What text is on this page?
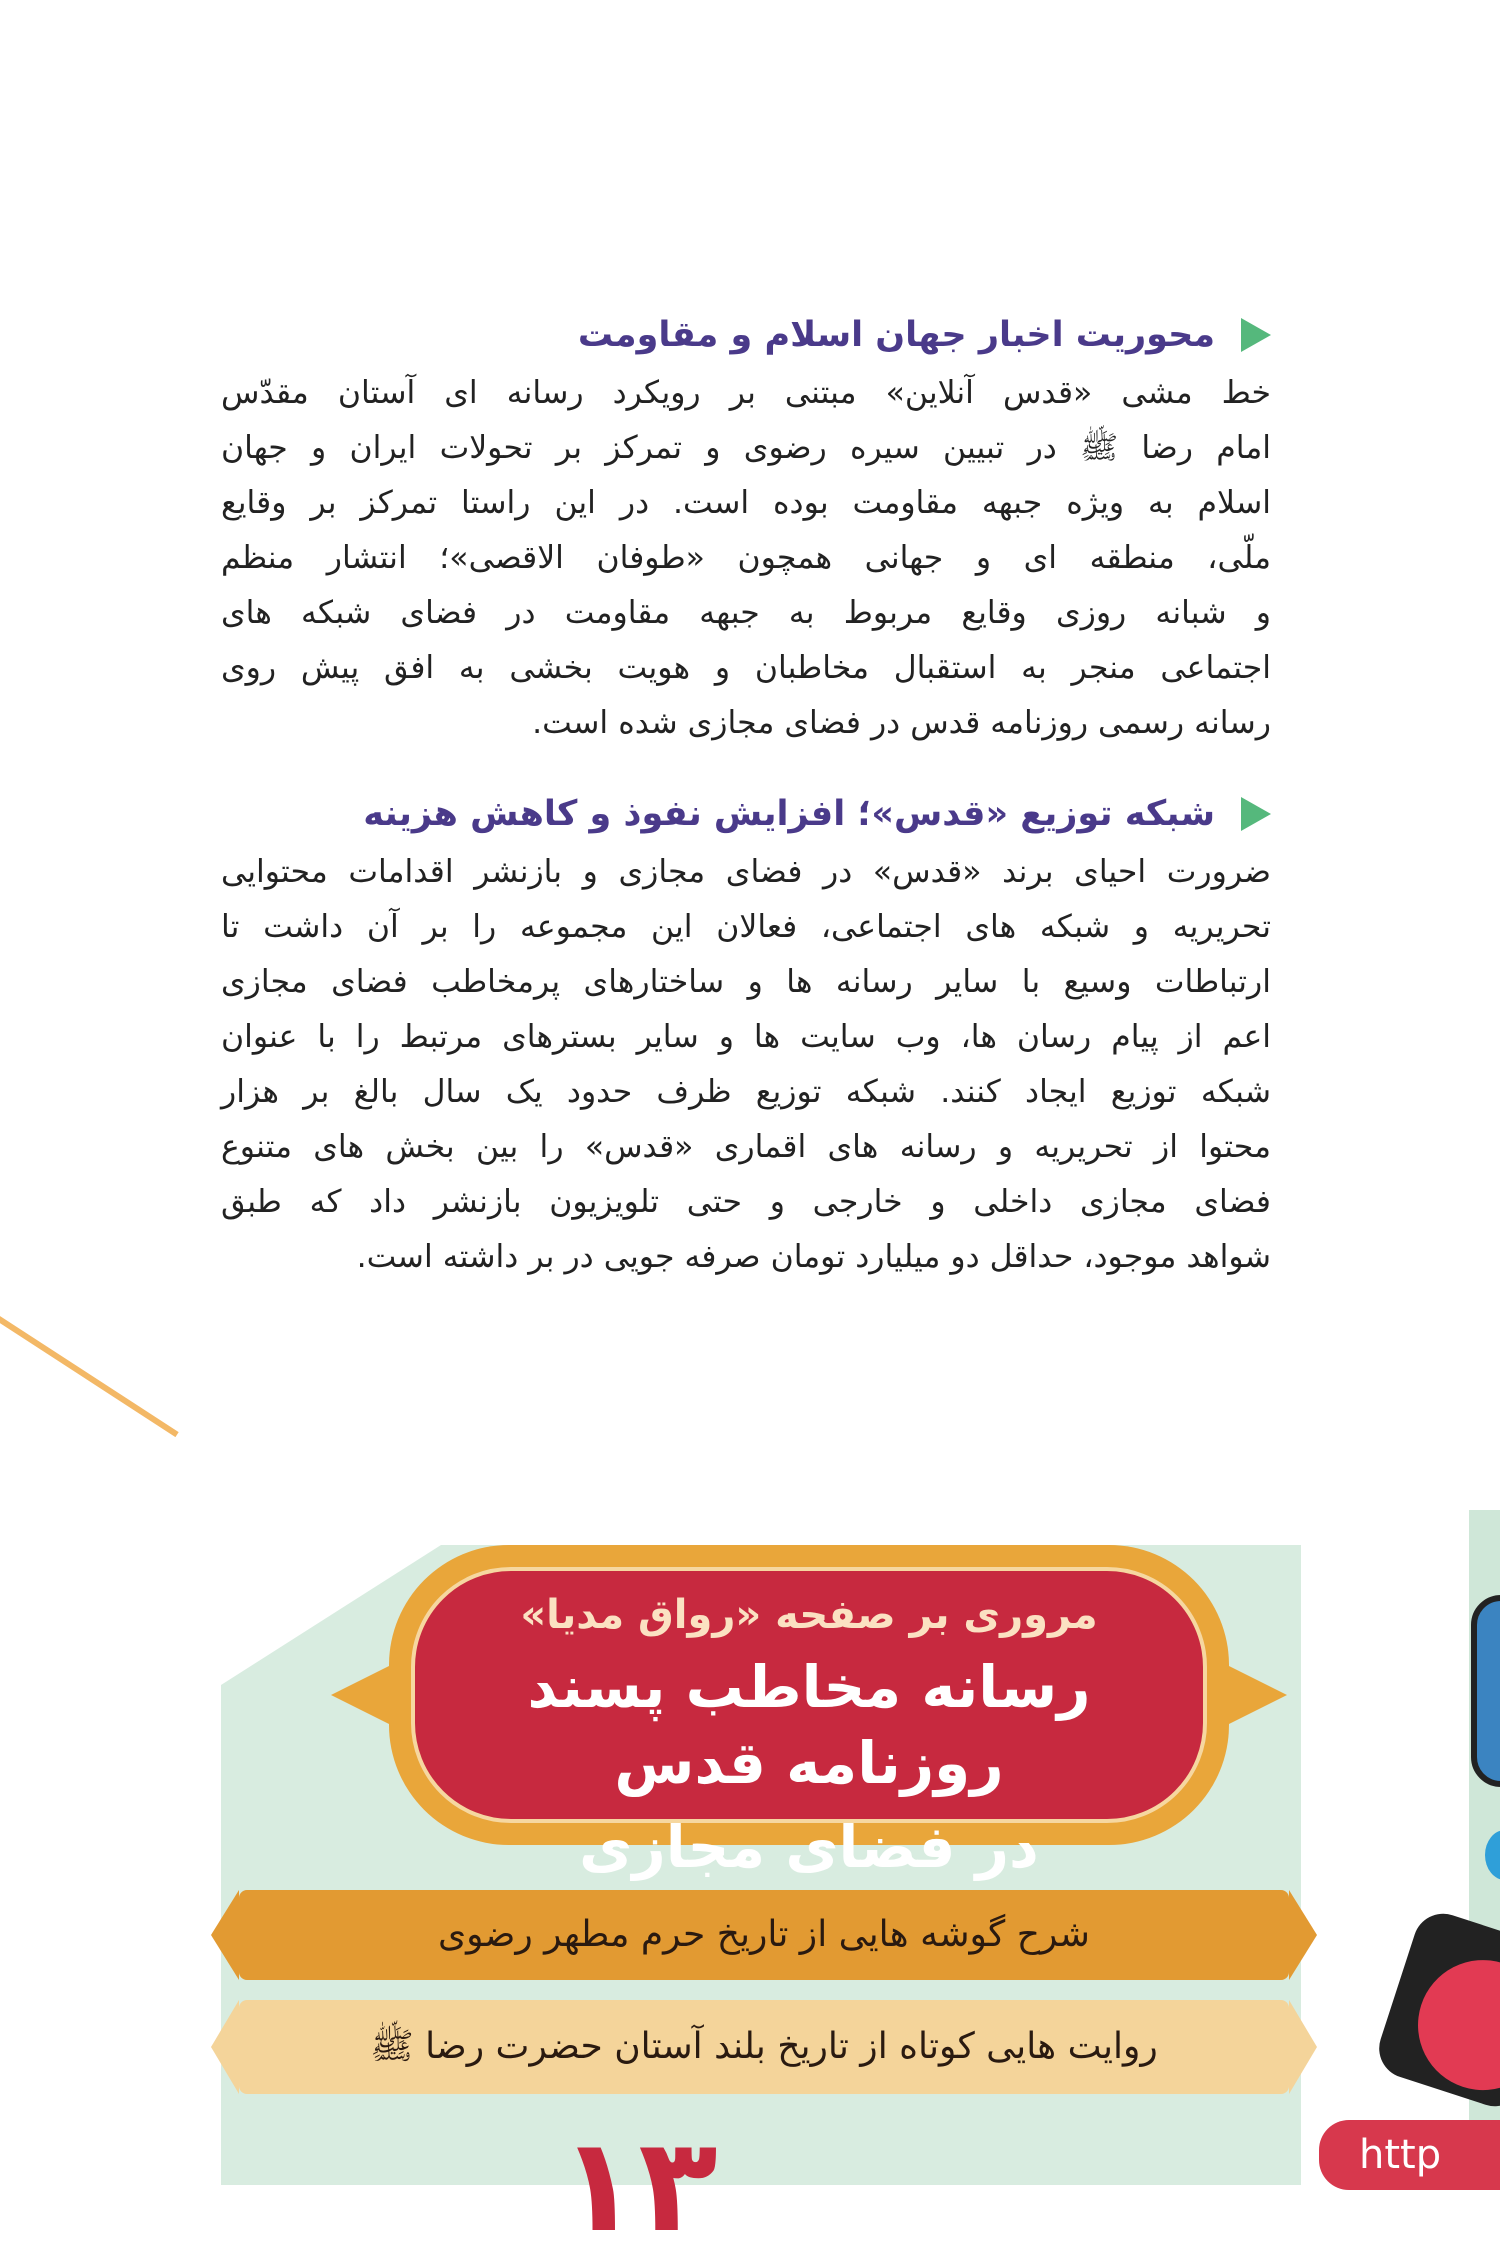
محوریت اخبار جهان اسلام و مقاومت
خط مشی «قدس آنلاین» مبتنی بر رویکرد رسانه ای آستان مقدّس
امام رضا ﷺ در تبیین سیره رضوی و تمرکز بر تحولات ایران و جهان
اسلام به ویژه جبهه مقاومت بوده است. در این راستا تمرکز بر وقایع
ملّی، منطقه ای و جهانی همچون «طوفان الاقصی»؛ انتشار منظم
و شبانه روزی وقایع مربوط به جبهه مقاومت در فضای شبکه های
اجتماعی منجر به استقبال مخاطبان و هویت بخشی به افق پیش روی
رسانه رسمی روزنامه قدس در فضای مجازی شده است.
شبکه توزیع «قدس»؛ افزایش نفوذ و کاهش هزینه
ضرورت احیای برند «قدس» در فضای مجازی و بازنشر اقدامات محتوایی
تحریریه و شبکه های اجتماعی، فعالان این مجموعه را بر آن داشت تا
ارتباطات وسیع با سایر رسانه ها و ساختارهای پرمخاطب فضای مجازی
اعم از پیام رسان ها، وب سایت ها و سایر بسترهای مرتبط را با عنوان
شبکه توزیع ایجاد کنند. شبکه توزیع ظرف حدود یک سال بالغ بر هزار
محتوا از تحریریه و رسانه های اقماری «قدس» را بین بخش های متنوع
فضای مجازی داخلی و خارجی و حتی تلویزیون بازنشر داد که طبق
شواهد موجود، حداقل دو میلیارد تومان صرفه جویی در بر داشته است.
مروری بر صفحه «رواق مدیا»
رسانه مخاطب پسند روزنامه قدس
در فضای مجازی
شرح گوشه هایی از تاریخ حرم مطهر رضوی
روایت هایی کوتاه از تاریخ بلند آستان حضرت رضا ﷺ
۱۳	http
